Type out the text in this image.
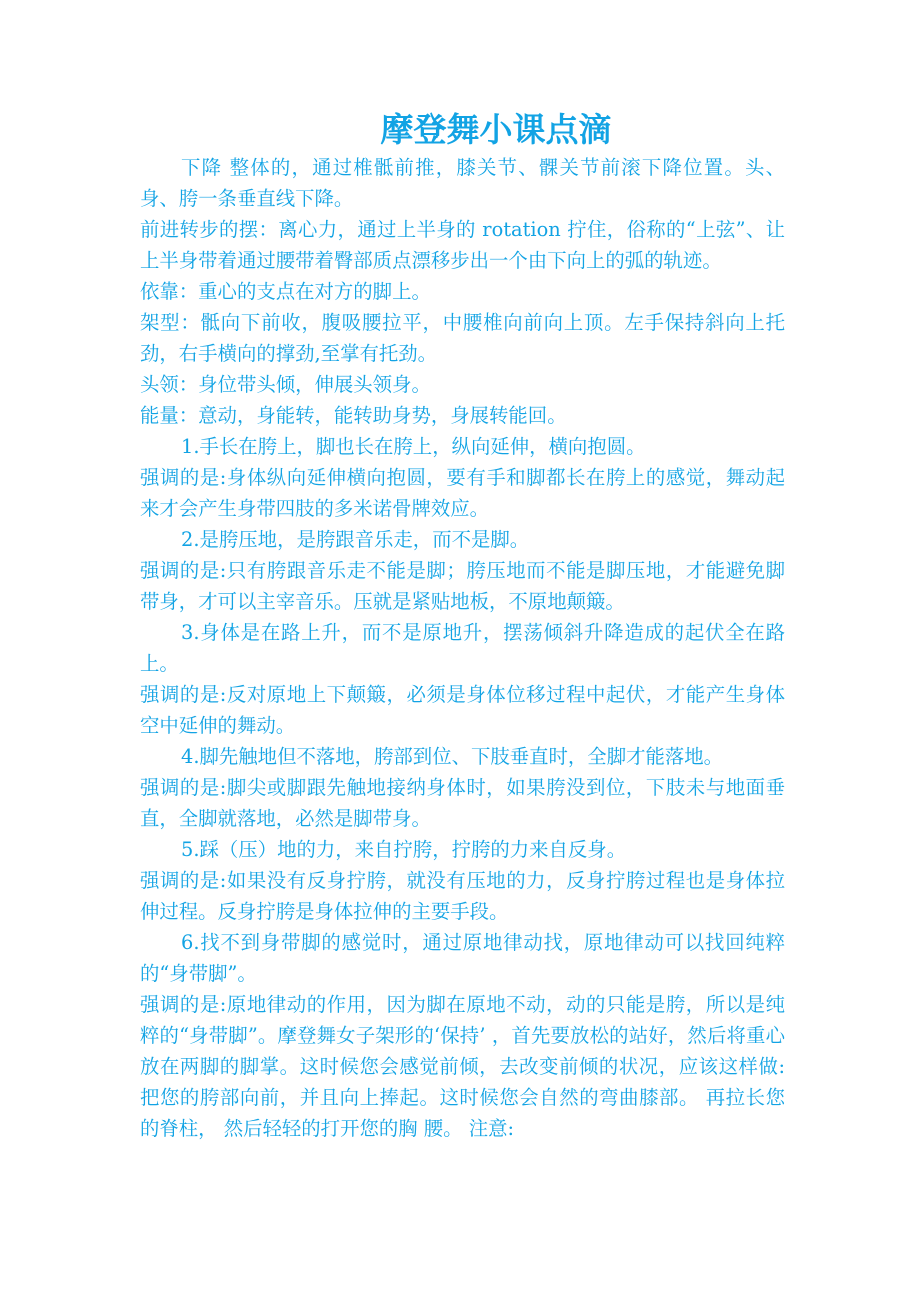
摩登舞小课点滴

下降 整体的，通过椎骶前推，膝关节、髁关节前滚下降位置。头、身、胯一条垂直线下降。

前进转步的摆：离心力，通过上半身的 rotation 拧住，俗称的“上弦”、让上半身带着通过腰带着臀部质点漂移步出一个由下向上的弧的轨迹。

依靠：重心的支点在对方的脚上。

架型：骶向下前收，腹吸腰拉平，中腰椎向前向上顶。左手保持斜向上托劲，右手横向的撑劲,至掌有托劲。

头领：身位带头倾，伸展头领身。

能量：意动，身能转，能转助身势，身展转能回。

1.手长在胯上，脚也长在胯上，纵向延伸，横向抱圆。

强调的是:身体纵向延伸横向抱圆，要有手和脚都长在胯上的感觉，舞动起来才会产生身带四肢的多米诺骨牌效应。

2.是胯压地，是胯跟音乐走，而不是脚。

强调的是:只有胯跟音乐走不能是脚；胯压地而不能是脚压地，才能避免脚带身，才可以主宰音乐。压就是紧贴地板，不原地颠簸。

3.身体是在路上升，而不是原地升，摆荡倾斜升降造成的起伏全在路上。

强调的是:反对原地上下颠簸，必须是身体位移过程中起伏，才能产生身体空中延伸的舞动。

4.脚先触地但不落地，胯部到位、下肢垂直时，全脚才能落地。

强调的是:脚尖或脚跟先触地接纳身体时，如果胯没到位，下肢未与地面垂直，全脚就落地，必然是脚带身。

5.踩（压）地的力，来自拧胯，拧胯的力来自反身。

强调的是:如果没有反身拧胯，就没有压地的力，反身拧胯过程也是身体拉伸过程。反身拧胯是身体拉伸的主要手段。

6.找不到身带脚的感觉时，通过原地律动找，原地律动可以找回纯粹的“身带脚”。

强调的是:原地律动的作用，因为脚在原地不动，动的只能是胯，所以是纯粹的“身带脚”。摩登舞女子架形的‘保持’ ，首先要放松的站好，然后将重心放在两脚的脚掌。这时候您会感觉前倾，去改变前倾的状况，应该这样做: 把您的胯部向前，并且向上捧起。这时候您会自然的弯曲膝部。 再拉长您的脊柱， 然后轻轻的打开您的胸 腰。 注意:
